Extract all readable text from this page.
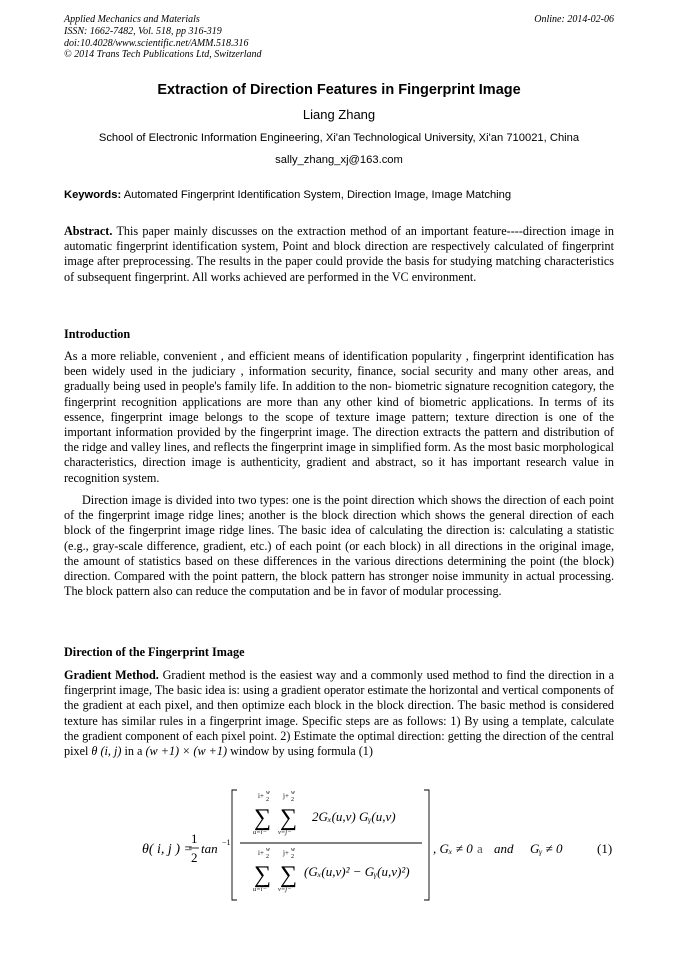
Applied Mechanics and Materials
ISSN: 1662-7482, Vol. 518, pp 316-319
doi:10.4028/www.scientific.net/AMM.518.316
© 2014 Trans Tech Publications Ltd, Switzerland
Online: 2014-02-06
Extraction of Direction Features in Fingerprint Image
Liang Zhang
School of Electronic Information Engineering, Xi'an Technological University, Xi'an 710021, China
sally_zhang_xj@163.com
Keywords: Automated Fingerprint Identification System, Direction Image, Image Matching
Abstract. This paper mainly discusses on the extraction method of an important feature----direction image in automatic fingerprint identification system, Point and block direction are respectively calculated of fingerprint image after preprocessing. The results in the paper could provide the basis for studying matching characteristics of subsequent fingerprint. All works achieved are performed in the VC environment.
Introduction
As a more reliable, convenient , and efficient means of identification popularity , fingerprint identification has been widely used in the judiciary , information security, finance, social security and many other areas, and gradually being used in people's family life. In addition to the non- biometric signature recognition category, the fingerprint recognition applications are more than any other kind of biometric applications. In terms of its essence, fingerprint image belongs to the scope of texture image pattern; texture direction is one of the important information provided by the fingerprint image. The direction extracts the pattern and distribution of the ridge and valley lines, and reflects the fingerprint image in simplified form. As the most basic morphological characteristics, direction image is authenticity, gradient and abstract, so it has important research value in recognition system.
Direction image is divided into two types: one is the point direction which shows the direction of each point of the fingerprint image ridge lines; another is the block direction which shows the general direction of each block of the fingerprint image ridge lines. The basic idea of calculating the direction is: calculating a statistic (e.g., gray-scale difference, gradient, etc.) of each point (or each block) in all directions in the original image, the amount of statistics based on these differences in the various directions determining the point (the block) direction. Compared with the point pattern, the block pattern has stronger noise immunity in actual processing. The block pattern also can reduce the computation and be in favor of modular processing.
Direction of the Fingerprint Image
Gradient Method. Gradient method is the easiest way and a commonly used method to find the direction in a fingerprint image, The basic idea is: using a gradient operator estimate the horizontal and vertical components of the gradient at each pixel, and then optimize each block in the block direction. The basic method is considered texture has similar rules in a fingerprint image. Specific steps are as follows: 1) By using a template, calculate the gradient component of each pixel point. 2) Estimate the optimal direction: getting the direction of the central pixel θ (i, j) in a (w +1) × (w +1) window by using formula (1)
θ( i, j ) =
1
2
tan −1
i+ w
2
∑
u=i−
j+ w
2
∑
v=j−
2Gₓ(u,v) Gᵧ(u,v)
i+ w
2
∑
u=i−
j+ w
2
∑
v=j−
(Gₓ(u,v)² − Gᵧ(u,v)²)
, Gₓ ≠ 0 a and Gᵧ ≠ 0	(1)
